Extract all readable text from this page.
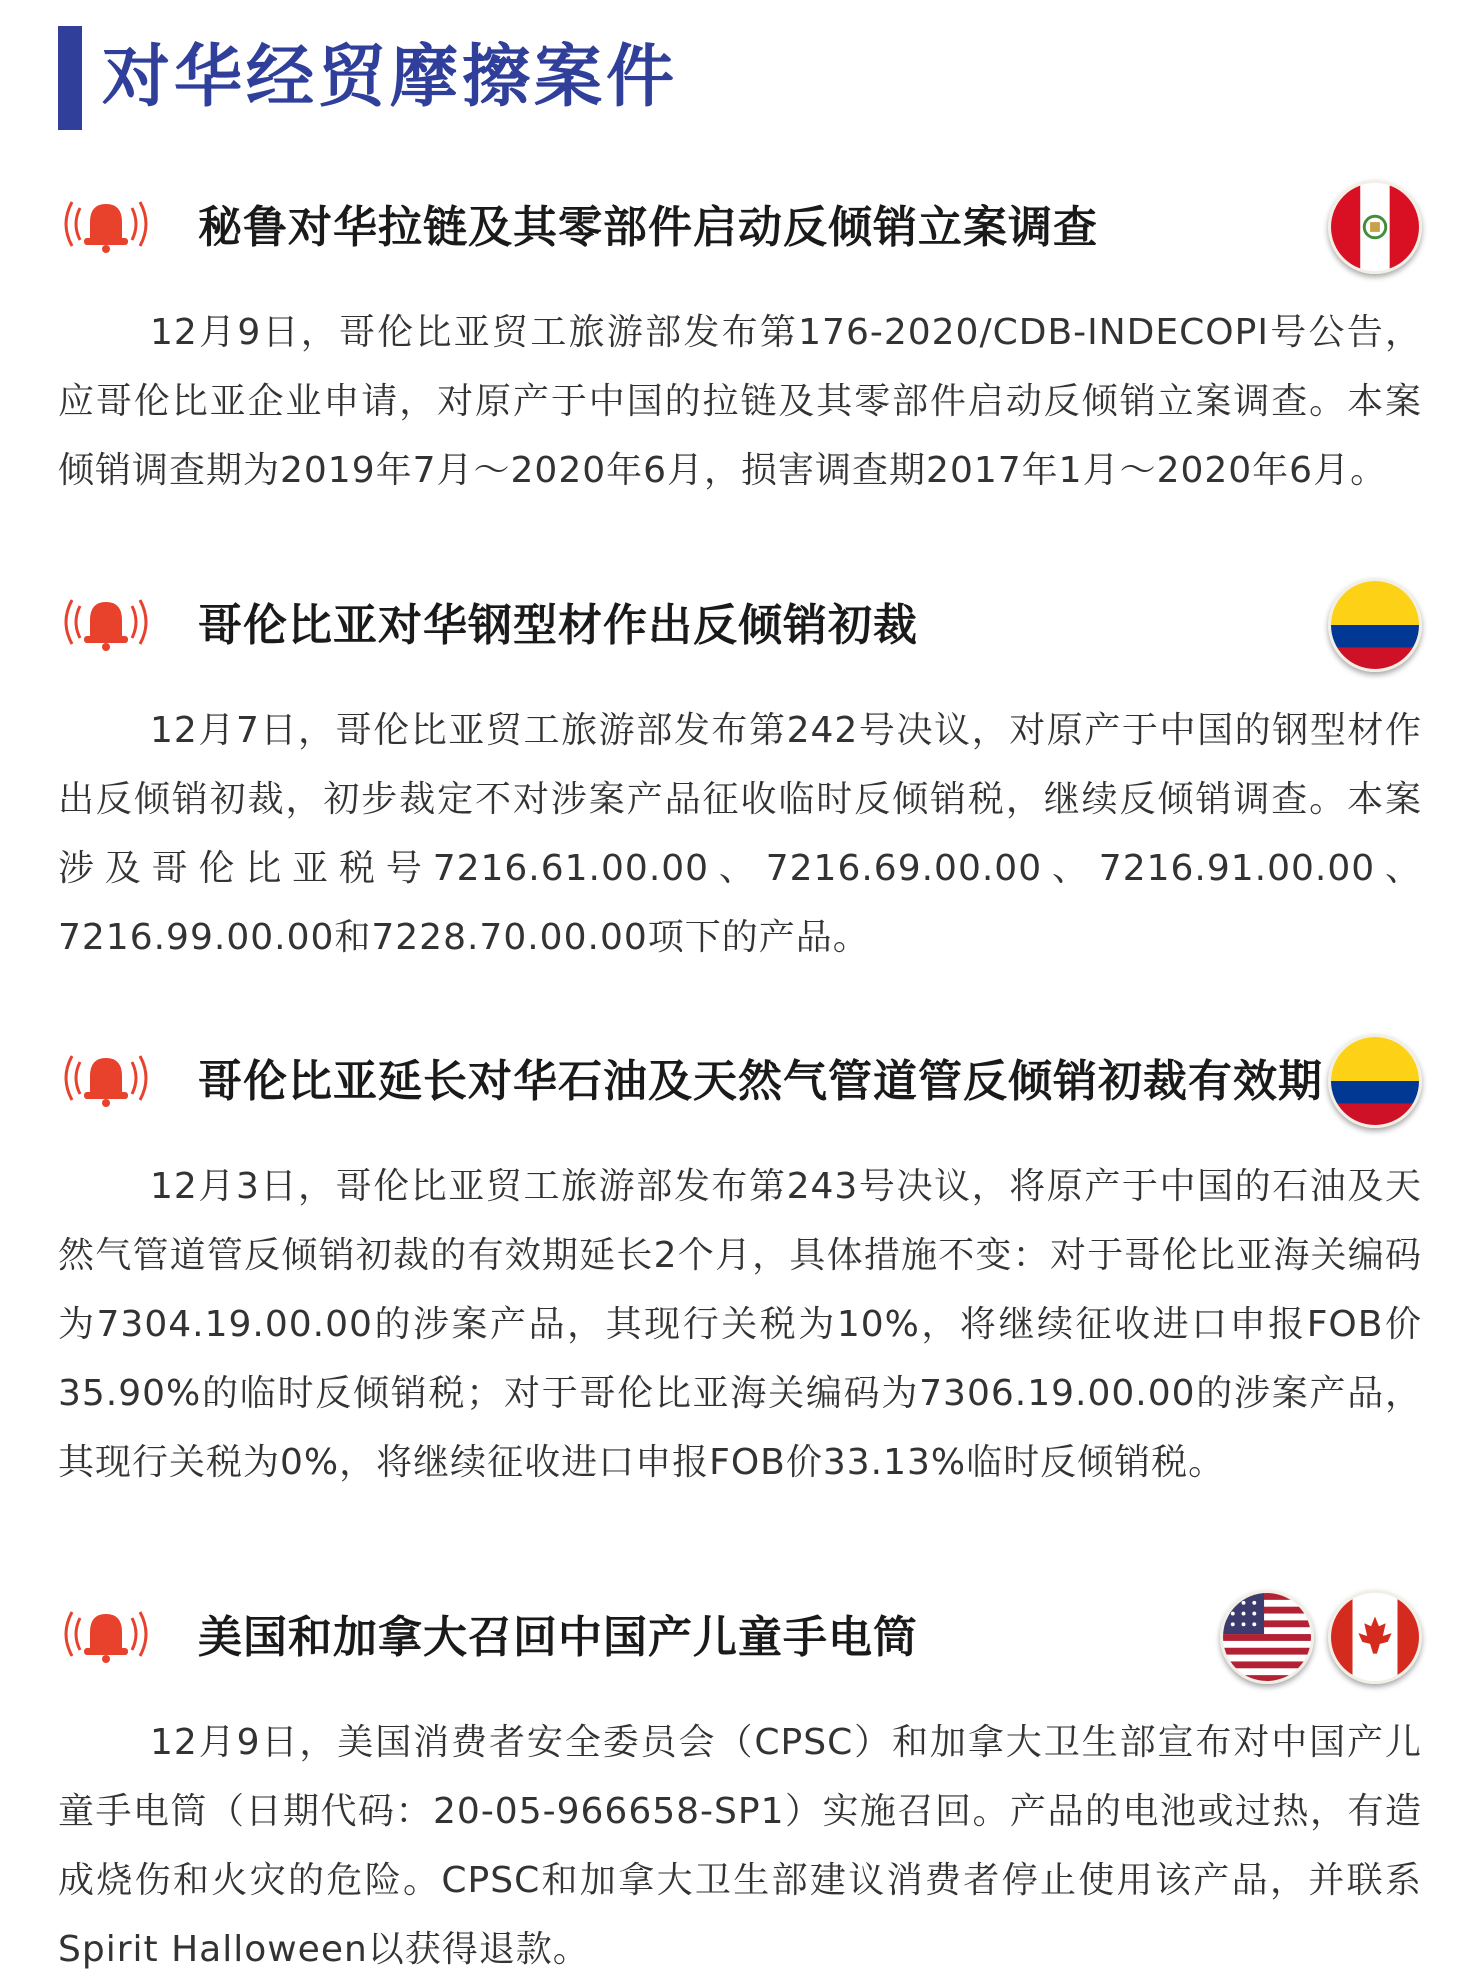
对华经贸摩擦案件
秘鲁对华拉链及其零部件启动反倾销立案调查
12月9日，哥伦比亚贸工旅游部发布第176-2020/CDB-INDECOPI号公告，应哥伦比亚企业申请，对原产于中国的拉链及其零部件启动反倾销立案调查。本案倾销调查期为2019年7月～2020年6月，损害调查期2017年1月～2020年6月。
哥伦比亚对华钢型材作出反倾销初裁
12月7日，哥伦比亚贸工旅游部发布第242号决议，对原产于中国的钢型材作出反倾销初裁，初步裁定不对涉案产品征收临时反倾销税，继续反倾销调查。本案涉及哥伦比亚税号7216.61.00.00、7216.69.00.00、7216.91.00.00、7216.99.00.00和7228.70.00.00项下的产品。
哥伦比亚延长对华石油及天然气管道管反倾销初裁有效期
12月3日，哥伦比亚贸工旅游部发布第243号决议，将原产于中国的石油及天然气管道管反倾销初裁的有效期延长2个月，具体措施不变：对于哥伦比亚海关编码为7304.19.00.00的涉案产品，其现行关税为10%，将继续征收进口申报FOB价35.90%的临时反倾销税；对于哥伦比亚海关编码为7306.19.00.00的涉案产品，其现行关税为0%，将继续征收进口申报FOB价33.13%临时反倾销税。
美国和加拿大召回中国产儿童手电筒
12月9日，美国消费者安全委员会（CPSC）和加拿大卫生部宣布对中国产儿童手电筒（日期代码：20-05-966658-SP1）实施召回。产品的电池或过热，有造成烧伤和火灾的危险。CPSC和加拿大卫生部建议消费者停止使用该产品，并联系Spirit Halloween以获得退款。
